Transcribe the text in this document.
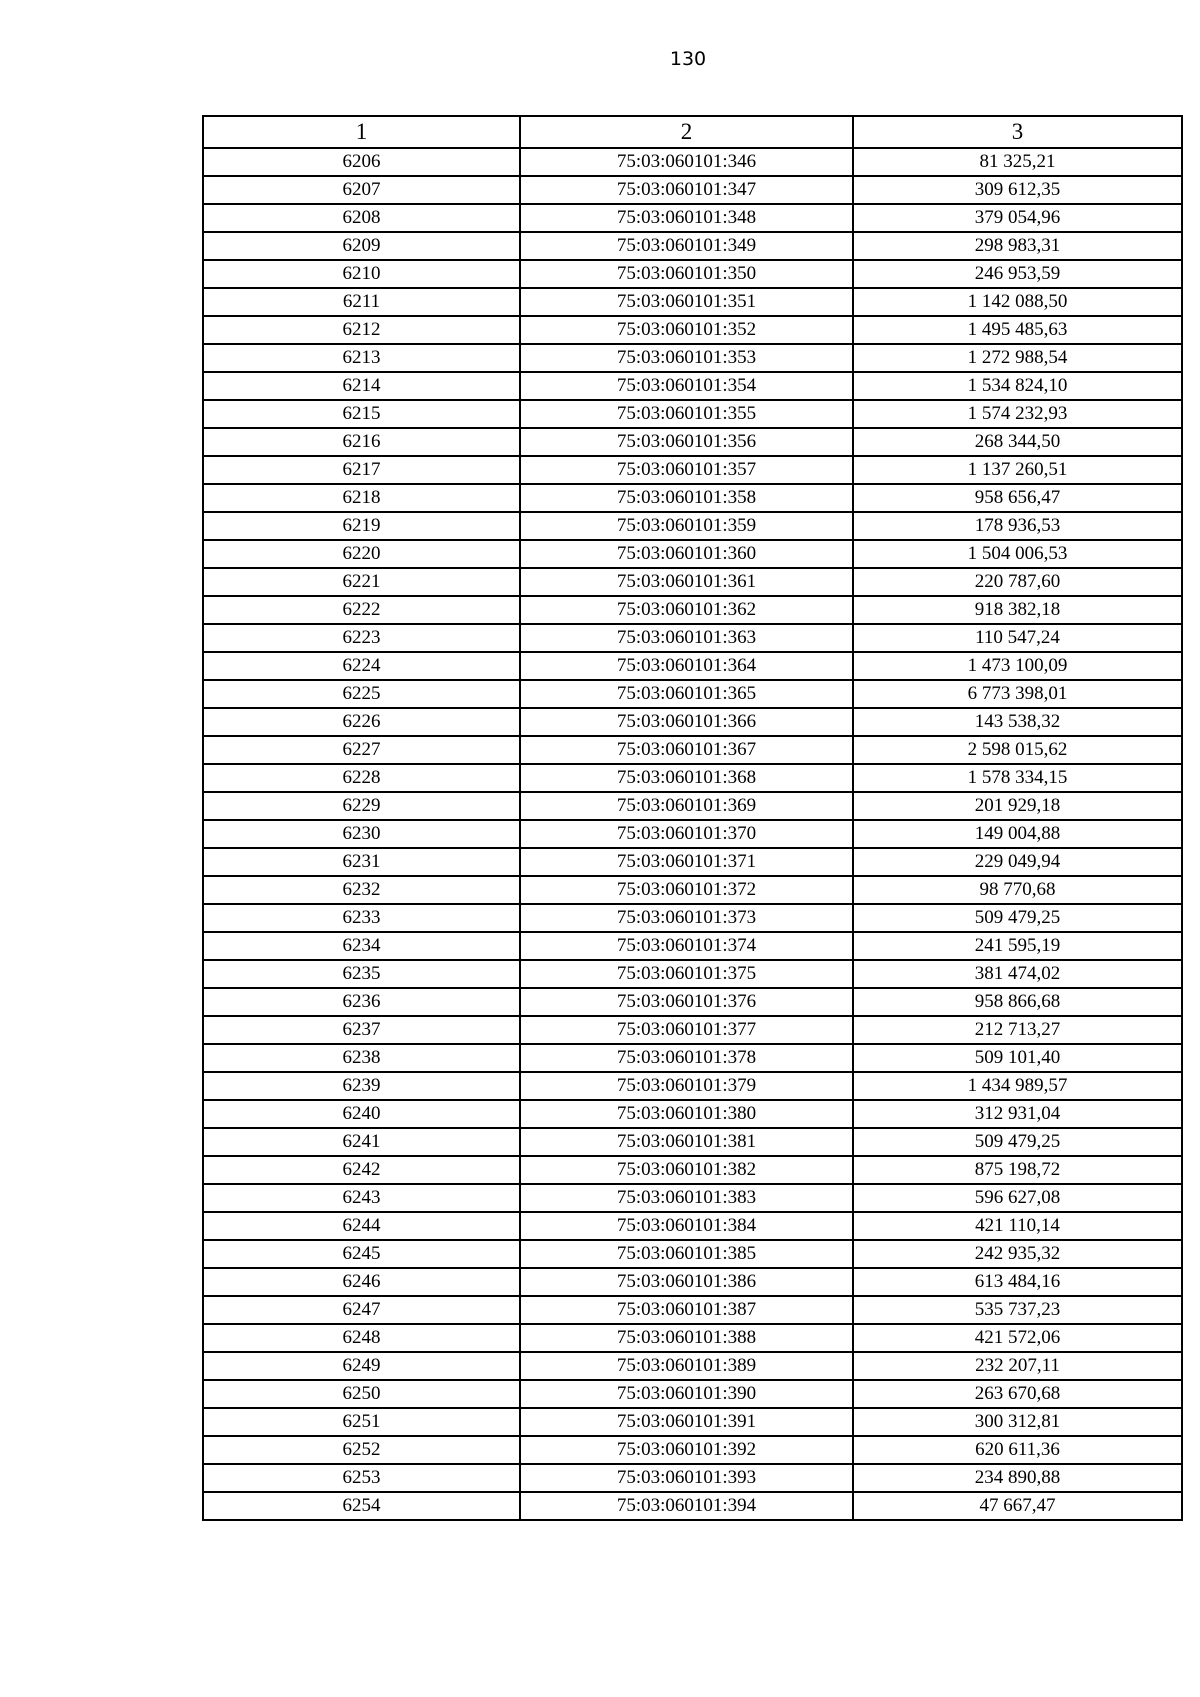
130
1	2	3
6206	75:03:060101:346	81 325,21
6207	75:03:060101:347	309 612,35
6208	75:03:060101:348	379 054,96
6209	75:03:060101:349	298 983,31
6210	75:03:060101:350	246 953,59
6211	75:03:060101:351	1 142 088,50
6212	75:03:060101:352	1 495 485,63
6213	75:03:060101:353	1 272 988,54
6214	75:03:060101:354	1 534 824,10
6215	75:03:060101:355	1 574 232,93
6216	75:03:060101:356	268 344,50
6217	75:03:060101:357	1 137 260,51
6218	75:03:060101:358	958 656,47
6219	75:03:060101:359	178 936,53
6220	75:03:060101:360	1 504 006,53
6221	75:03:060101:361	220 787,60
6222	75:03:060101:362	918 382,18
6223	75:03:060101:363	110 547,24
6224	75:03:060101:364	1 473 100,09
6225	75:03:060101:365	6 773 398,01
6226	75:03:060101:366	143 538,32
6227	75:03:060101:367	2 598 015,62
6228	75:03:060101:368	1 578 334,15
6229	75:03:060101:369	201 929,18
6230	75:03:060101:370	149 004,88
6231	75:03:060101:371	229 049,94
6232	75:03:060101:372	98 770,68
6233	75:03:060101:373	509 479,25
6234	75:03:060101:374	241 595,19
6235	75:03:060101:375	381 474,02
6236	75:03:060101:376	958 866,68
6237	75:03:060101:377	212 713,27
6238	75:03:060101:378	509 101,40
6239	75:03:060101:379	1 434 989,57
6240	75:03:060101:380	312 931,04
6241	75:03:060101:381	509 479,25
6242	75:03:060101:382	875 198,72
6243	75:03:060101:383	596 627,08
6244	75:03:060101:384	421 110,14
6245	75:03:060101:385	242 935,32
6246	75:03:060101:386	613 484,16
6247	75:03:060101:387	535 737,23
6248	75:03:060101:388	421 572,06
6249	75:03:060101:389	232 207,11
6250	75:03:060101:390	263 670,68
6251	75:03:060101:391	300 312,81
6252	75:03:060101:392	620 611,36
6253	75:03:060101:393	234 890,88
6254	75:03:060101:394	47 667,47
